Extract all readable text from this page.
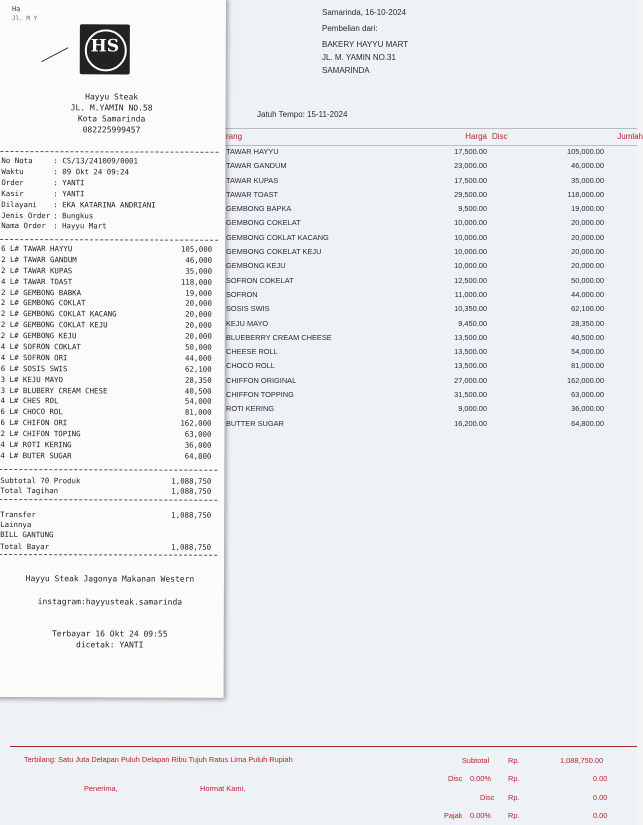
Samarinda, 16-10-2024
Pembelian dari:
BAKERY HAYYU MART
JL. M. YAMIN NO.31
SAMARINDA
Jatuh Tempo: 15-11-2024
rang	Harga Disc	Jumlah
TAWAR HAYYU	17,500.00	105,000.00
TAWAR GANDUM	23,000.00	46,000.00
TAWAR KUPAS	17,500.00	35,000.00
TAWAR TOAST	29,500.00	118,000.00
GEMBONG BAPKA	9,500.00	19,000.00
GEMBONG COKELAT	10,000.00	20,000.00
GEMBONG COKLAT KACANG	10,000.00	20,000.00
GEMBONG COKELAT KEJU	10,000.00	20,000.00
GEMBONG KEJU	10,000.00	20,000.00
SOFRON COKELAT	12,500.00	50,000.00
SOFRON	11,000.00	44,000.00
SOSIS SWIS	10,350.00	62,100.00
KEJU MAYO	9,450.00	28,350.00
BLUEBERRY CREAM CHEESE	13,500.00	40,500.00
CHEESE ROLL	13,500.00	54,000.00
CHOCO ROLL	13,500.00	81,000.00
CHIFFON ORIGINAL	27,000.00	162,000.00
CHIFFON TOPPING	31,500.00	63,000.00
ROTI KERING	9,000.00	36,000.00
BUTTER SUGAR	16,200.00	64,800.00
Terbilang: Satu Juta Delapan Puluh Delapan Ribu Tujuh Ratus Lima Puluh Rupiah
Penerima,	Hormat Kami,
Subtotal	Rp.	1,088,750.00
Disc 0.00% Rp.	0.00
Disc Rp.	0.00
Pajak 0.00% Rp.	0.00
Ha
Jl. M Y
HS
Hayyu Steak
JL. M.YAMIN NO.58
Kota Samarinda
082225999457
No Nota	: CS/13/241009/0001
Waktu	: 09 Okt 24 09:24
Order	: YANTI
Kasir	: YANTI
Dilayani : EKA KATARINA ANDRIANI
Jenis Order : Bungkus
Nama Order : Hayyu Mart
6 L# TAWAR HAYYU	105,000
2 L# TAWAR GANDUM	46,000
2 L# TAWAR KUPAS	35,000
4 L# TAWAR TOAST	118,000
2 L# GEMBONG BABKA	19,000
2 L# GEMBONG COKLAT	20,000
2 L# GEMBONG COKLAT KACANG	20,000
2 L# GEMBONG COKLAT KEJU	20,000
2 L# GEMBONG KEJU	20,000
4 L# SOFRON COKLAT	50,000
4 L# SOFRON ORI	44,000
6 L# SOSIS SWIS	62,100
3 L# KEJU MAYO	28,350
3 L# BLUBERY CREAM CHESE	40,500
4 L# CHES ROL	54,000
6 L# CHOCO ROL	81,000
6 L# CHIFON ORI	162,000
2 L# CHIFON TOPING	63,000
4 L# ROTI KERING	36,000
4 L# BUTER SUGAR	64,800
Subtotal 70 Produk	1,088,750
Total Tagihan	1,088,750
Transfer	1,088,750
Lainnya
BILL GANTUNG
Total Bayar	1,088,750
Hayyu Steak Jagonya Makanan Western
instagram:hayyusteak.samarinda
Terbayar 16 Okt 24 09:55
dicetak: YANTI
